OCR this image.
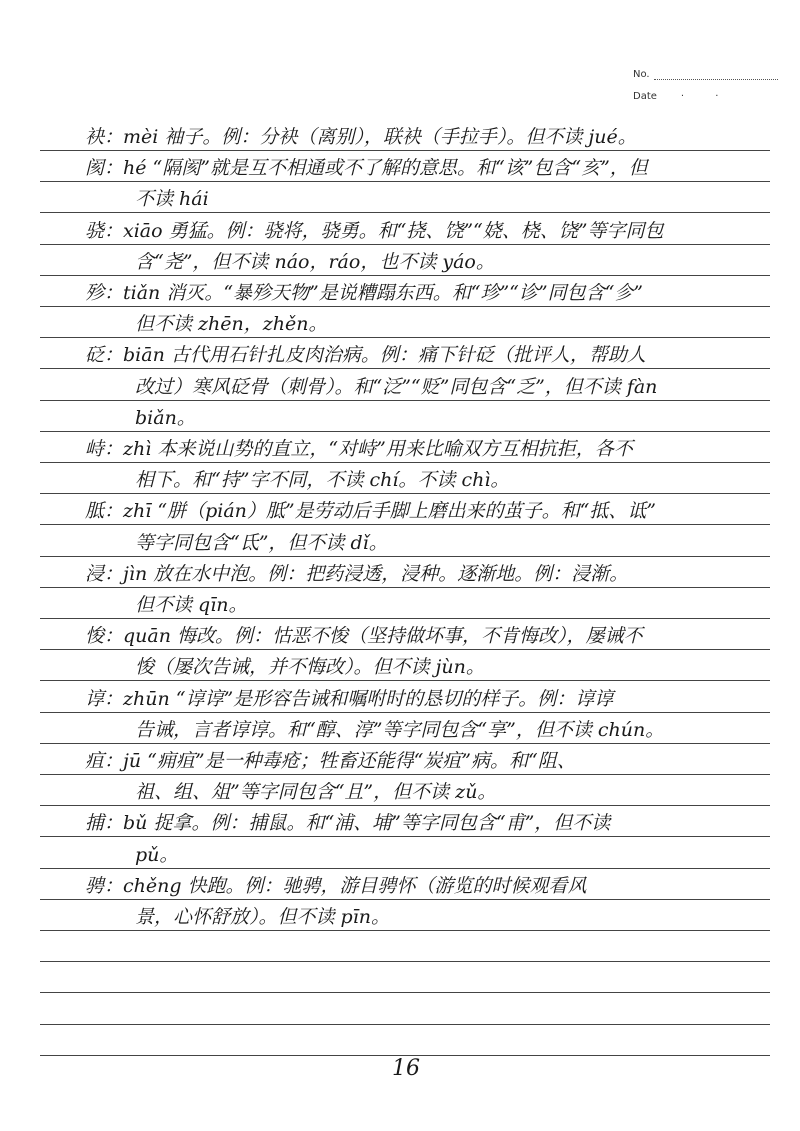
No.
Date · ·
袂：mèi 袖子。例：分袂（离别），联袂（手拉手）。但不读 jué。
阂：hé “隔阂”就是互不相通或不了解的意思。和“该”包含“亥”，但
不读 hái
骁：xiāo 勇猛。例：骁将，骁勇。和“挠、饶”“娆、桡、饶”等字同包
含“尧”，但不读 náo，ráo，也不读 yáo。
殄：tiǎn 消灭。“暴殄天物”是说糟蹋东西。和“珍”“诊”同包含“㐱”
但不读 zhēn，zhěn。
砭：biān 古代用石针扎皮肉治病。例：痛下针砭（批评人，帮助人
改过）寒风砭骨（刺骨）。和“泛”“贬”同包含“乏”，但不读 fàn
biǎn。
峙：zhì 本来说山势的直立，“对峙”用来比喻双方互相抗拒，各不
相下。和“持”字不同，不读 chí。不读 chì。
胝：zhī “胼（pián）胝”是劳动后手脚上磨出来的茧子。和“抵、诋”
等字同包含“氐”，但不读 dǐ。
浸：jìn 放在水中泡。例：把药浸透，浸种。逐渐地。例：浸渐。
但不读 qīn。
悛：quān 悔改。例：怙恶不悛（坚持做坏事，不肯悔改），屡诫不
悛（屡次告诫，并不悔改）。但不读 jùn。
谆：zhūn “谆谆”是形容告诫和嘱咐时的恳切的样子。例：谆谆
告诫，言者谆谆。和“醇、淳”等字同包含“享”，但不读 chún。
疽：jū “痈疽”是一种毒疮；牲畜还能得“炭疽”病。和“阻、
祖、组、俎”等字同包含“且”，但不读 zǔ。
捕：bǔ 捉拿。例：捕鼠。和“浦、埔”等字同包含“甫”，但不读
pǔ。
骋：chěng 快跑。例：驰骋，游目骋怀（游览的时候观看风
景，心怀舒放）。但不读 pīn。
16
